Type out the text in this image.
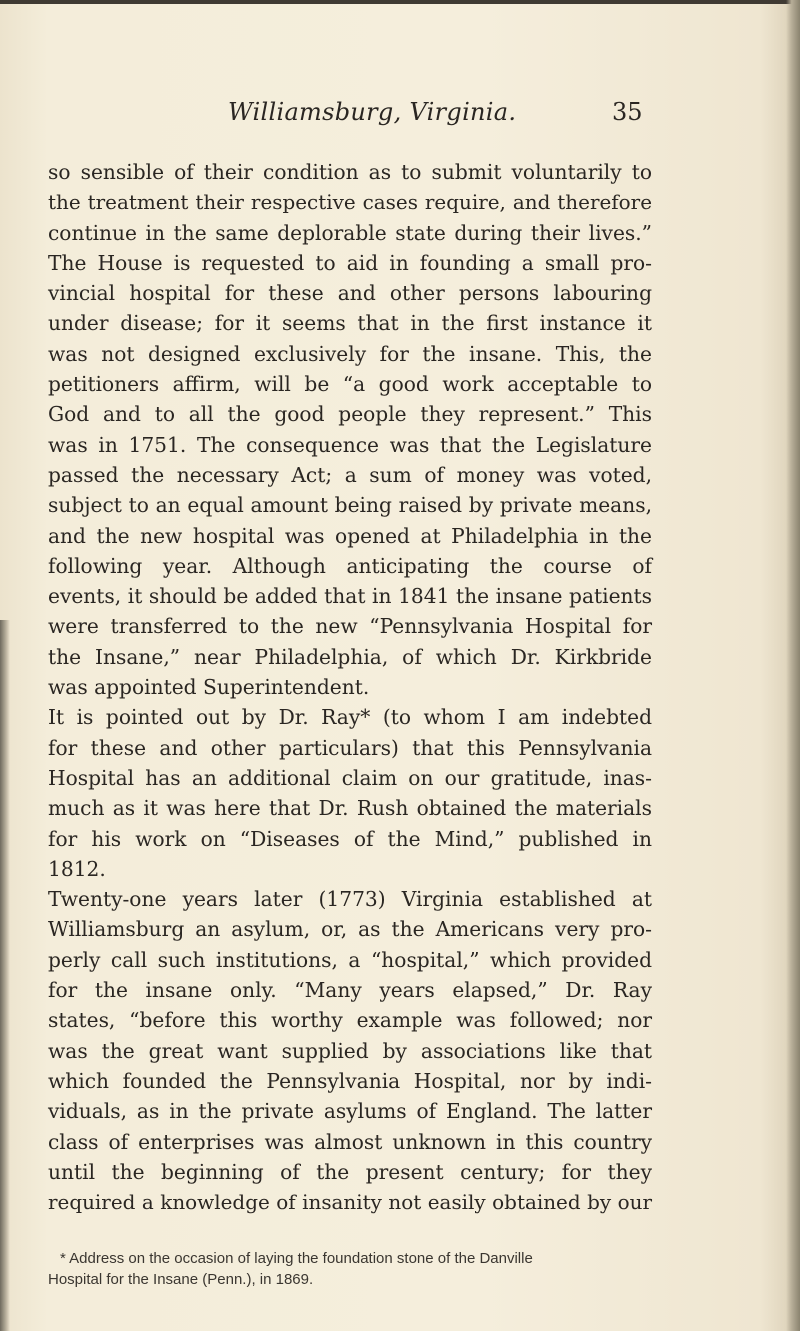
Williamsburg, Virginia.	35
so sensible of their condition as to submit voluntarily to
the treatment their respective cases require, and therefore
continue in the same deplorable state during their lives.”
The House is requested to aid in founding a small pro-
vincial hospital for these and other persons labouring
under disease; for it seems that in the first instance it
was not designed exclusively for the insane. This, the
petitioners affirm, will be “a good work acceptable to
God and to all the good people they represent.” This
was in 1751. The consequence was that the Legislature
passed the necessary Act; a sum of money was voted,
subject to an equal amount being raised by private means,
and the new hospital was opened at Philadelphia in the
following year. Although anticipating the course of
events, it should be added that in 1841 the insane patients
were transferred to the new “Pennsylvania Hospital for
the Insane,” near Philadelphia, of which Dr. Kirkbride
was appointed Superintendent.
It is pointed out by Dr. Ray* (to whom I am indebted
for these and other particulars) that this Pennsylvania
Hospital has an additional claim on our gratitude, inas-
much as it was here that Dr. Rush obtained the materials
for his work on “Diseases of the Mind,” published in
1812.
Twenty-one years later (1773) Virginia established at
Williamsburg an asylum, or, as the Americans very pro-
perly call such institutions, a “hospital,” which provided
for the insane only. “Many years elapsed,” Dr. Ray
states, “before this worthy example was followed; nor
was the great want supplied by associations like that
which founded the Pennsylvania Hospital, nor by indi-
viduals, as in the private asylums of England. The latter
class of enterprises was almost unknown in this country
until the beginning of the present century; for they
required a knowledge of insanity not easily obtained by our
* Address on the occasion of laying the foundation stone of the Danville
Hospital for the Insane (Penn.), in 1869.
